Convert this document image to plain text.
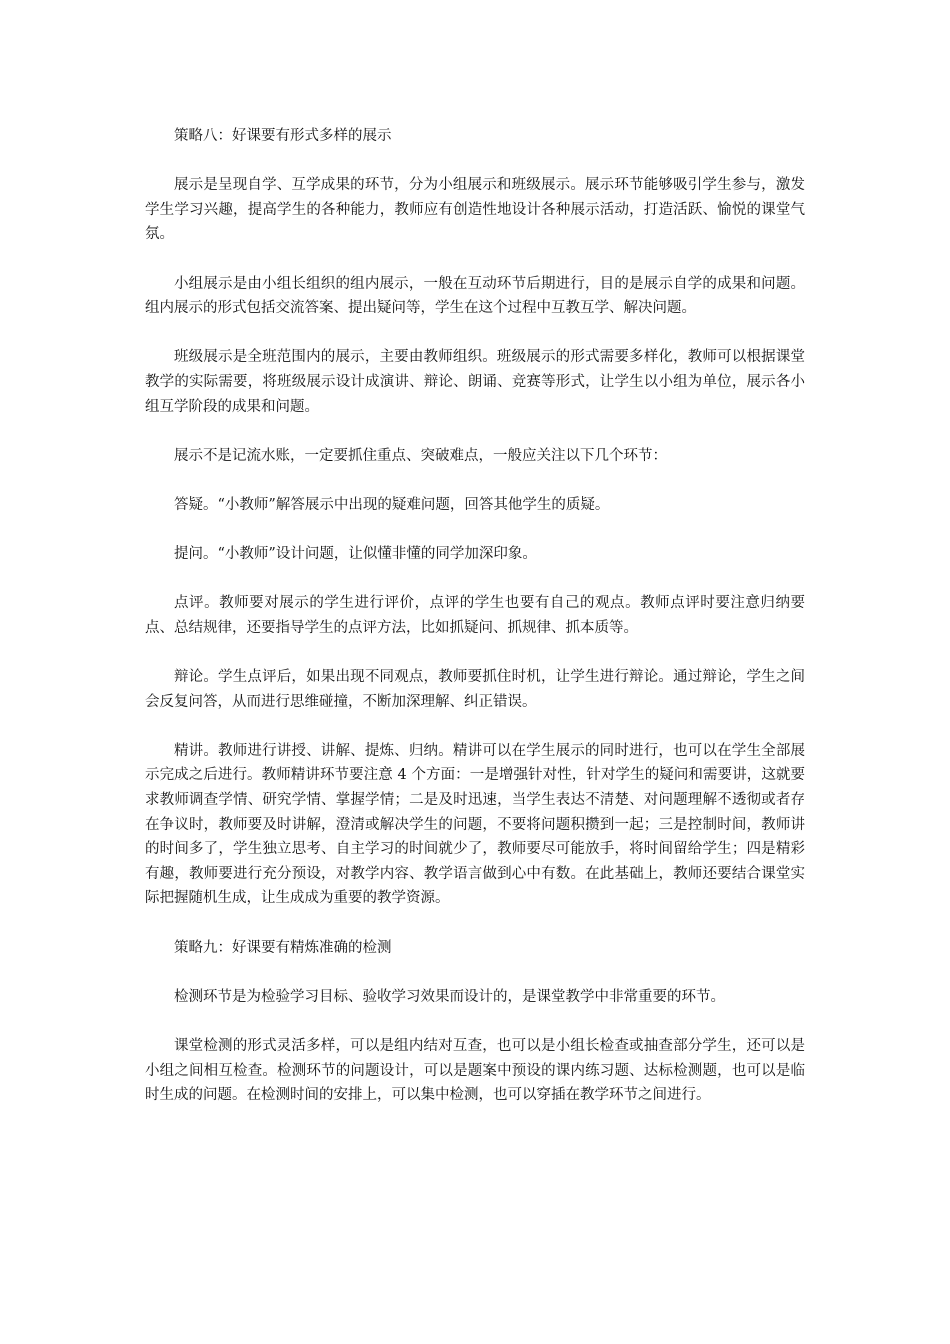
策略八：好课要有形式多样的展示

展示是呈现自学、互学成果的环节，分为小组展示和班级展示。展示环节能够吸引学生参与，激发学生学习兴趣，提高学生的各种能力，教师应有创造性地设计各种展示活动，打造活跃、愉悦的课堂气氛。

小组展示是由小组长组织的组内展示，一般在互动环节后期进行，目的是展示自学的成果和问题。组内展示的形式包括交流答案、提出疑问等，学生在这个过程中互教互学、解决问题。

班级展示是全班范围内的展示，主要由教师组织。班级展示的形式需要多样化，教师可以根据课堂教学的实际需要，将班级展示设计成演讲、辩论、朗诵、竞赛等形式，让学生以小组为单位，展示各小组互学阶段的成果和问题。

展示不是记流水账，一定要抓住重点、突破难点，一般应关注以下几个环节：

答疑。“小教师”解答展示中出现的疑难问题，回答其他学生的质疑。

提问。“小教师”设计问题，让似懂非懂的同学加深印象。

点评。教师要对展示的学生进行评价，点评的学生也要有自己的观点。教师点评时要注意归纳要点、总结规律，还要指导学生的点评方法，比如抓疑问、抓规律、抓本质等。

辩论。学生点评后，如果出现不同观点，教师要抓住时机，让学生进行辩论。通过辩论，学生之间会反复问答，从而进行思维碰撞，不断加深理解、纠正错误。

精讲。教师进行讲授、讲解、提炼、归纳。精讲可以在学生展示的同时进行，也可以在学生全部展示完成之后进行。教师精讲环节要注意 4 个方面：一是增强针对性，针对学生的疑问和需要讲，这就要求教师调查学情、研究学情、掌握学情；二是及时迅速，当学生表达不清楚、对问题理解不透彻或者存在争议时，教师要及时讲解，澄清或解决学生的问题，不要将问题积攒到一起；三是控制时间，教师讲的时间多了，学生独立思考、自主学习的时间就少了，教师要尽可能放手，将时间留给学生；四是精彩有趣，教师要进行充分预设，对教学内容、教学语言做到心中有数。在此基础上，教师还要结合课堂实际把握随机生成，让生成成为重要的教学资源。

策略九：好课要有精炼准确的检测

检测环节是为检验学习目标、验收学习效果而设计的，是课堂教学中非常重要的环节。

课堂检测的形式灵活多样，可以是组内结对互查，也可以是小组长检查或抽查部分学生，还可以是小组之间相互检查。检测环节的问题设计，可以是题案中预设的课内练习题、达标检测题，也可以是临时生成的问题。在检测时间的安排上，可以集中检测，也可以穿插在教学环节之间进行。
